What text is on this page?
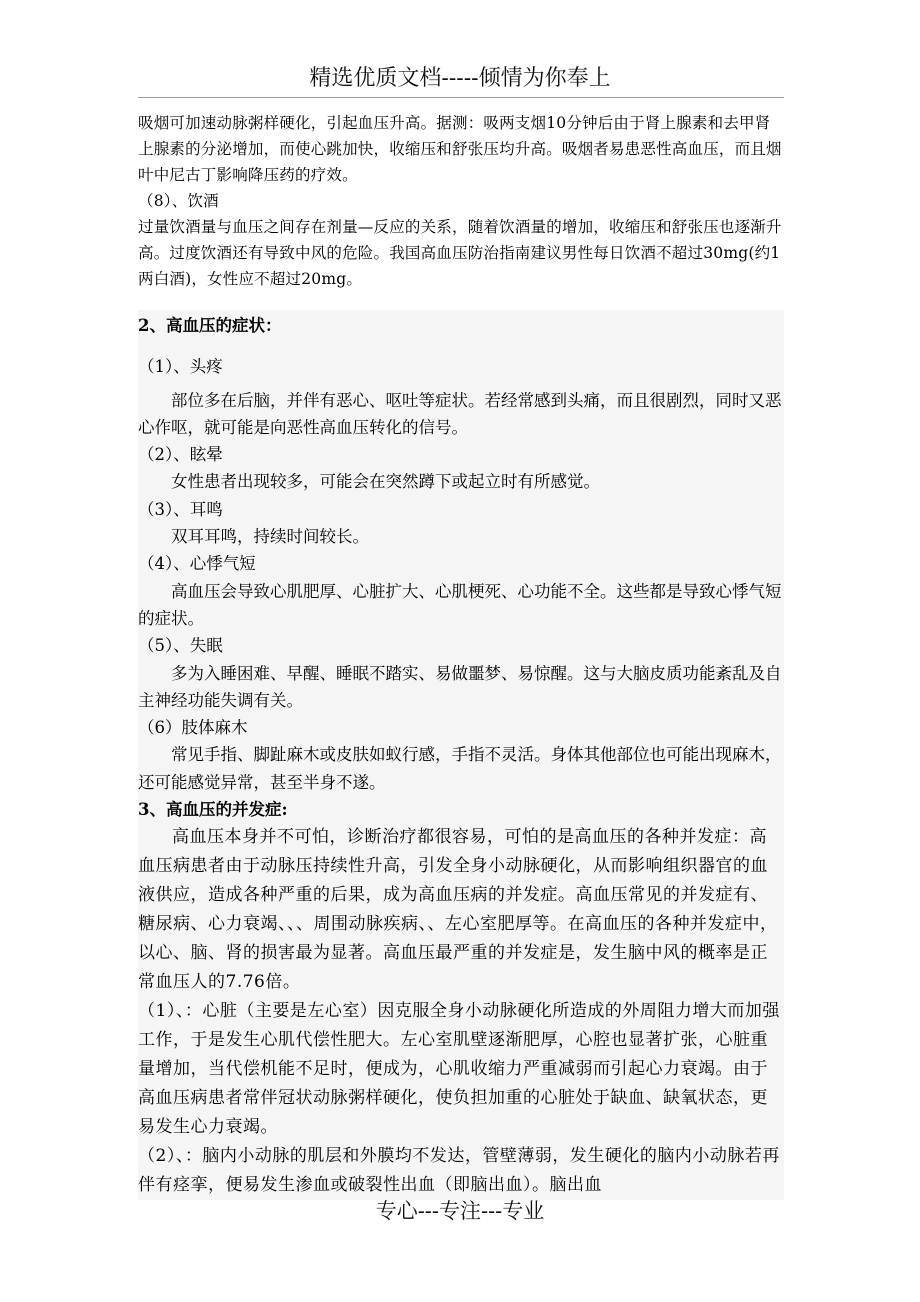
精选优质文档-----倾情为你奉上

吸烟可加速动脉粥样硬化，引起血压升高。据测：吸两支烟10分钟后由于肾上腺素和去甲肾上腺素的分泌增加，而使心跳加快，收缩压和舒张压均升高。吸烟者易患恶性高血压，而且烟叶中尼古丁影响降压药的疗效。

（8）、饮酒

过量饮酒量与血压之间存在剂量—反应的关系，随着饮酒量的增加，收缩压和舒张压也逐渐升高。过度饮酒还有导致中风的危险。我国高血压防治指南建议男性每日饮酒不超过30mg(约1两白酒)，女性应不超过20mg。

2、高血压的症状：

（1）、头疼

部位多在后脑，并伴有恶心、呕吐等症状。若经常感到头痛，而且很剧烈，同时又恶心作呕，就可能是向恶性高血压转化的信号。

（2）、眩晕

女性患者出现较多，可能会在突然蹲下或起立时有所感觉。

（3）、耳鸣

双耳耳鸣，持续时间较长。

（4）、心悸气短

高血压会导致心肌肥厚、心脏扩大、心肌梗死、心功能不全。这些都是导致心悸气短的症状。

（5）、失眠

多为入睡困难、早醒、睡眠不踏实、易做噩梦、易惊醒。这与大脑皮质功能紊乱及自主神经功能失调有关。

（6）肢体麻木

常见手指、脚趾麻木或皮肤如蚁行感，手指不灵活。身体其他部位也可能出现麻木，还可能感觉异常，甚至半身不遂。

3、高血压的并发症:

高血压本身并不可怕，诊断治疗都很容易，可怕的是高血压的各种并发症：高血压病患者由于动脉压持续性升高，引发全身小动脉硬化，从而影响组织器官的血液供应，造成各种严重的后果，成为高血压病的并发症。高血压常见的并发症有、糖尿病、心力衰竭、、、周围动脉疾病、、左心室肥厚等。在高血压的各种并发症中，以心、脑、肾的损害最为显著。高血压最严重的并发症是，发生脑中风的概率是正常血压人的7.76倍。

（1）、：心脏（主要是左心室）因克服全身小动脉硬化所造成的外周阻力增大而加强工作，于是发生心肌代偿性肥大。左心室肌壁逐渐肥厚，心腔也显著扩张，心脏重量增加，当代偿机能不足时，便成为，心肌收缩力严重减弱而引起心力衰竭。由于高血压病患者常伴冠状动脉粥样硬化，使负担加重的心脏处于缺血、缺氧状态，更易发生心力衰竭。

（2）、：脑内小动脉的肌层和外膜均不发达，管壁薄弱，发生硬化的脑内小动脉若再伴有痉挛，便易发生渗血或破裂性出血（即脑出血）。脑出血

专心---专注---专业
